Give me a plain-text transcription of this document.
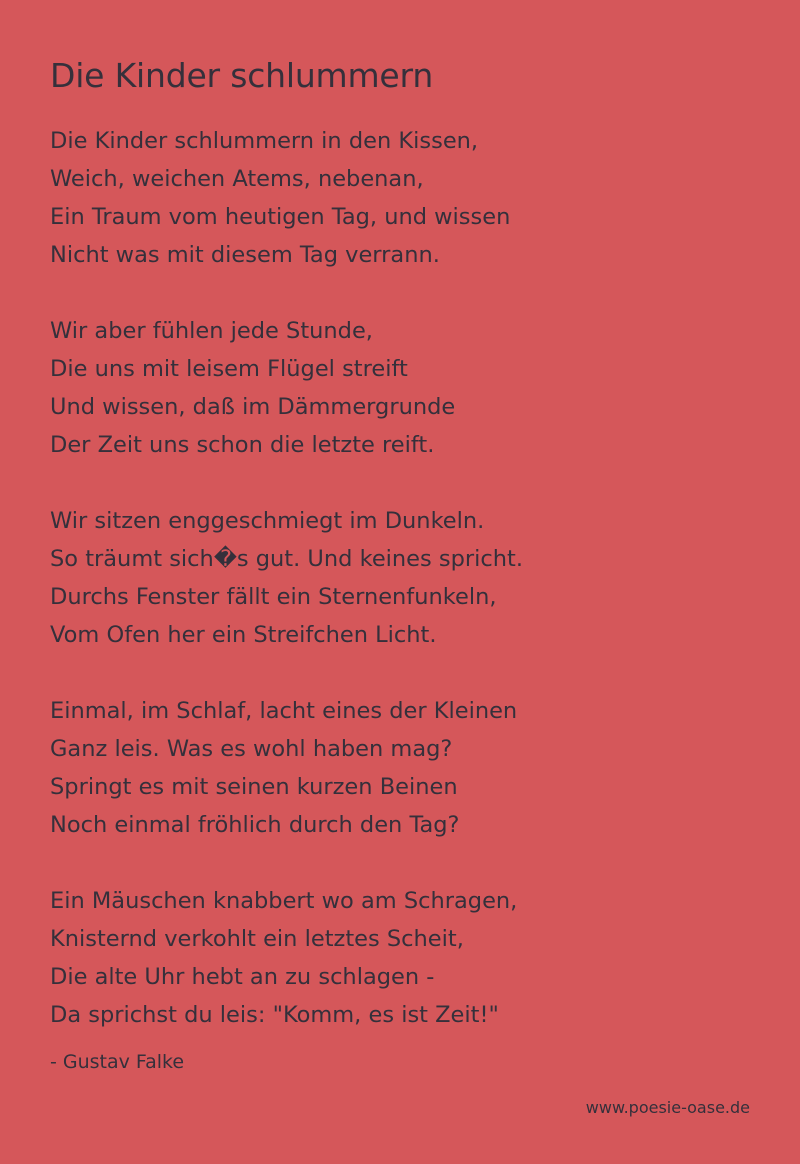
Die Kinder schlummern
Die Kinder schlummern in den Kissen,
Weich, weichen Atems, nebenan,
Ein Traum vom heutigen Tag, und wissen
Nicht was mit diesem Tag verrann.
Wir aber fühlen jede Stunde,
Die uns mit leisem Flügel streift
Und wissen, daß im Dämmergrunde
Der Zeit uns schon die letzte reift.
Wir sitzen enggeschmiegt im Dunkeln.
So träumt sich�s gut. Und keines spricht.
Durchs Fenster fällt ein Sternenfunkeln,
Vom Ofen her ein Streifchen Licht.
Einmal, im Schlaf, lacht eines der Kleinen
Ganz leis. Was es wohl haben mag?
Springt es mit seinen kurzen Beinen
Noch einmal fröhlich durch den Tag?
Ein Mäuschen knabbert wo am Schragen,
Knisternd verkohlt ein letztes Scheit,
Die alte Uhr hebt an zu schlagen -
Da sprichst du leis: "Komm, es ist Zeit!"
- Gustav Falke
www.poesie-oase.de
